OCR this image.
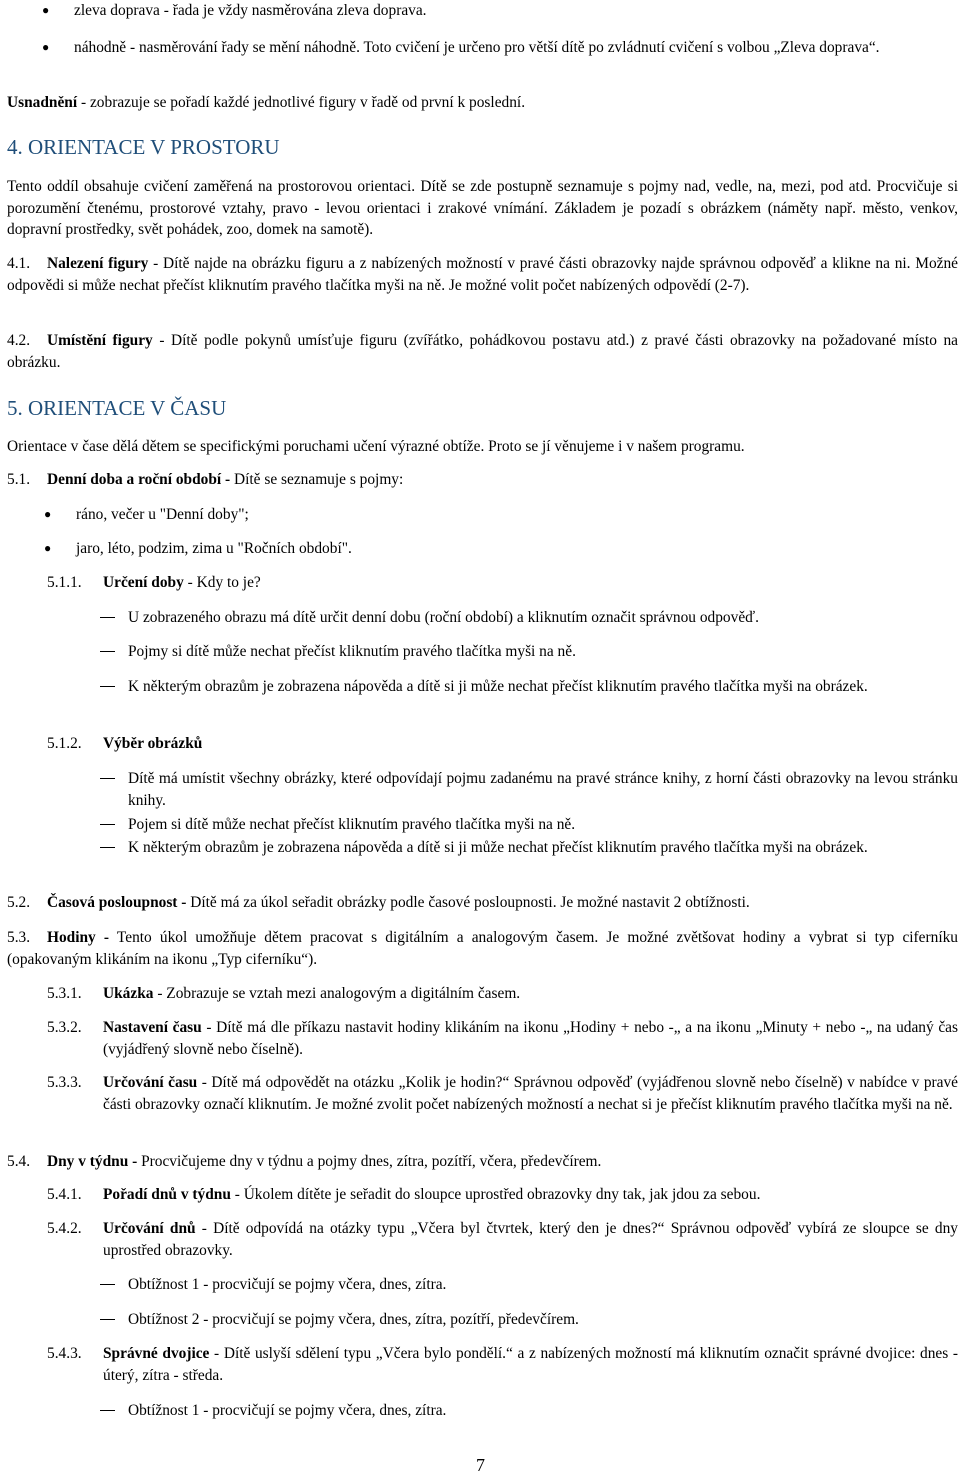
● zleva doprava - řada je vždy nasměrována zleva doprava.
● náhodně - nasměrování řady se mění náhodně. Toto cvičení je určeno pro větší dítě po zvládnutí cvičení s volbou „Zleva doprava“.
Usnadnění - zobrazuje se pořadí každé jednotlivé figury v řadě od první k poslední.
4. ORIENTACE V PROSTORU
Tento oddíl obsahuje cvičení zaměřená na prostorovou orientaci. Dítě se zde postupně seznamuje s pojmy nad, vedle, na, mezi, pod atd. Procvičuje si porozumění čtenému, prostorové vztahy, pravo - levou orientaci i zrakové vnímání. Základem je pozadí s obrázkem (náměty např. město, venkov, dopravní prostředky, svět pohádek, zoo, domek na samotě).
4.1.	Nalezení figury - Dítě najde na obrázku figuru a z nabízených možností v pravé části obrazovky najde správnou odpověď a klikne na ni. Možné odpovědi si může nechat přečíst kliknutím pravého tlačítka myši na ně. Je možné volit počet nabízených odpovědí (2-7).
4.2.	Umístění figury - Dítě podle pokynů umísťuje figuru (zvířátko, pohádkovou postavu atd.) z pravé části obrazovky na požadované místo na obrázku.
5. ORIENTACE V ČASU
Orientace v čase dělá dětem se specifickými poruchami učení výrazné obtíže. Proto se jí věnujeme i v našem programu.
5.1.	Denní doba a roční období - Dítě se seznamuje s pojmy:
● ráno, večer u "Denní doby";
● jaro, léto, podzim, zima u "Ročních období".
5.1.1.	Určení doby - Kdy to je?
U zobrazeného obrazu má dítě určit denní dobu (roční období) a kliknutím označit správnou odpověď.
Pojmy si dítě může nechat přečíst kliknutím pravého tlačítka myši na ně.
K některým obrazům je zobrazena nápověda a dítě si ji může nechat přečíst kliknutím pravého tlačítka myši na obrázek.
5.1.2.	Výběr obrázků
Dítě má umístit všechny obrázky, které odpovídají pojmu zadanému na pravé stránce knihy, z horní části obrazovky na levou stránku knihy.
Pojem si dítě může nechat přečíst kliknutím pravého tlačítka myši na ně.
K některým obrazům je zobrazena nápověda a dítě si ji může nechat přečíst kliknutím pravého tlačítka myši na obrázek.
5.2.	Časová posloupnost - Dítě má za úkol seřadit obrázky podle časové posloupnosti. Je možné nastavit 2 obtížnosti.
5.3.	Hodiny - Tento úkol umožňuje dětem pracovat s digitálním a analogovým časem. Je možné zvětšovat hodiny a vybrat si typ ciferníku (opakovaným klikáním na ikonu „Typ ciferníku“).
5.3.1.	Ukázka - Zobrazuje se vztah mezi analogovým a digitálním časem.
5.3.2.	Nastavení času - Dítě má dle příkazu nastavit hodiny klikáním na ikonu „Hodiny + nebo -„ a na ikonu „Minuty + nebo -„ na udaný čas (vyjádřený slovně nebo číselně).
5.3.3.	Určování času - Dítě má odpovědět na otázku „Kolik je hodin?“ Správnou odpověď (vyjádřenou slovně nebo číselně) v nabídce v pravé části obrazovky označí kliknutím. Je možné zvolit počet nabízených možností a nechat si je přečíst kliknutím pravého tlačítka myši na ně.
5.4.	Dny v týdnu - Procvičujeme dny v týdnu a pojmy dnes, zítra, pozítří, včera, předevčírem.
5.4.1.	Pořadí dnů v týdnu - Úkolem dítěte je seřadit do sloupce uprostřed obrazovky dny tak, jak jdou za sebou.
5.4.2.	Určování dnů - Dítě odpovídá na otázky typu „Včera byl čtvrtek, který den je dnes?“ Správnou odpověď vybírá ze sloupce se dny uprostřed obrazovky.
Obtížnost 1 - procvičují se pojmy včera, dnes, zítra.
Obtížnost 2 - procvičují se pojmy včera, dnes, zítra, pozítří, předevčírem.
5.4.3.	Správné dvojice - Dítě uslyší sdělení typu „Včera bylo pondělí.“ a z nabízených možností má kliknutím označit správné dvojice: dnes - úterý, zítra - středa.
Obtížnost 1 - procvičují se pojmy včera, dnes, zítra.
7
